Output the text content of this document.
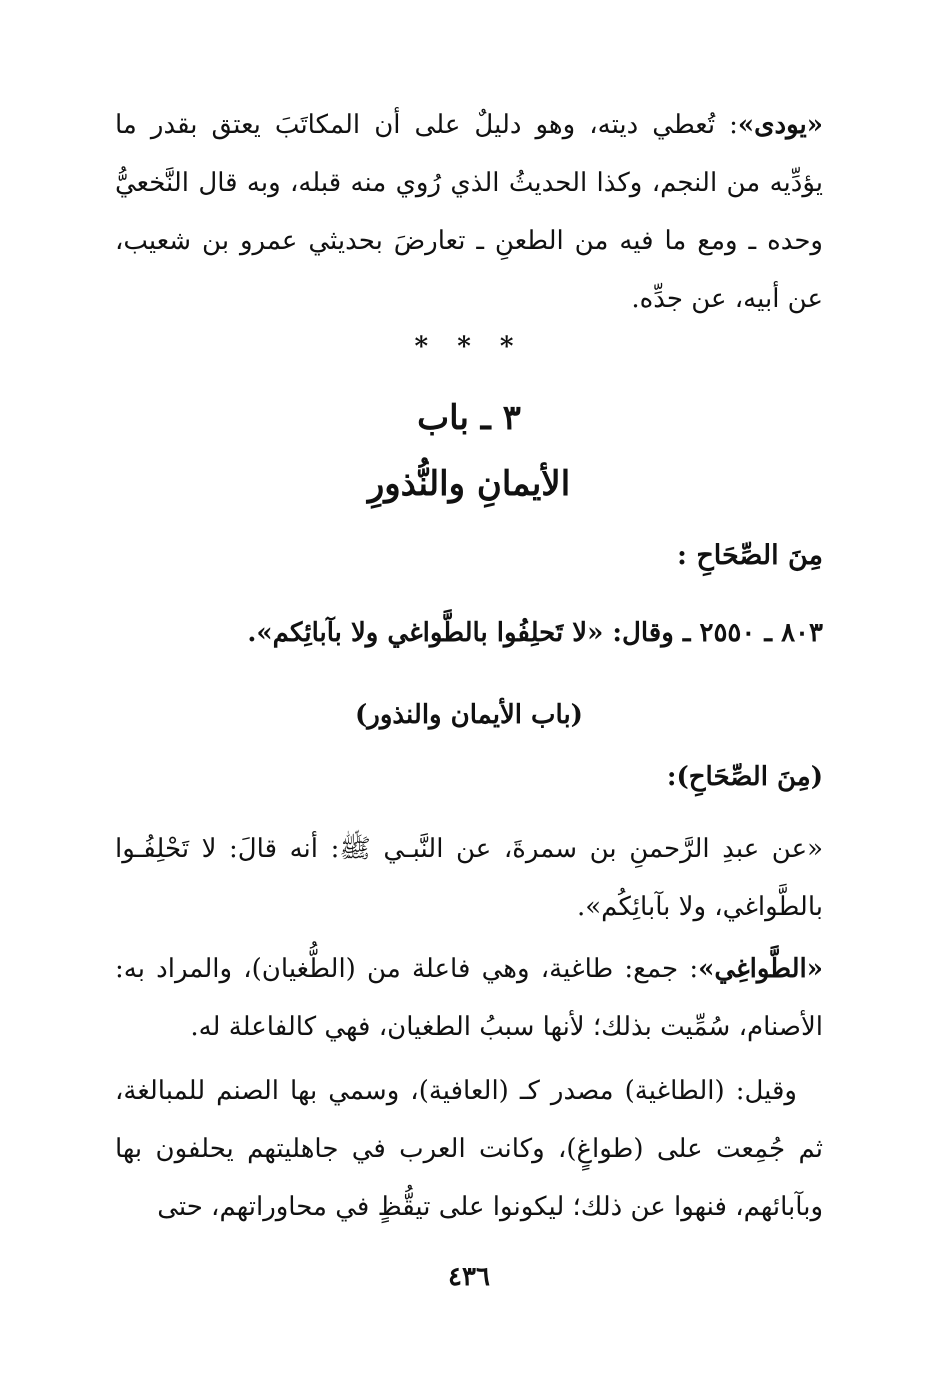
«يودى»: تُعطي ديته، وهو دليلٌ على أن المكاتَبَ يعتق بقدر ما يؤدِّيه من النجم، وكذا الحديثُ الذي رُوي منه قبله، وبه قال النَّخعيُّ وحده ـ ومع ما فيه من الطعنِ ـ تعارضَ بحديثي عمرو بن شعيب، عن أبيه، عن جدِّه.

* * *
٣ ـ باب
الأيمانِ والنُّذورِ
مِنَ الصِّحَاحِ :
٨٠٣ ـ ٢٥٥٠ ـ وقال: «لا تَحلِفُوا بالطَّواغي ولا بآبائِكم».
(باب الأيمان والنذور)
(مِنَ الصِّحَاحِ):

«عن عبدِ الرَّحمنِ بن سمرةَ، عن النَّبـي ﷺ: أنه قالَ: لا تَحْلِفُـوا بالطَّواغي، ولا بآبائِكُم».

«الطَّواغِي»: جمع: طاغية، وهي فاعلة من (الطُّغيان)، والمراد به: الأصنام، سُمِّيت بذلك؛ لأنها سببُ الطغيان، فهي كالفاعلة له.

وقيل: (الطاغية) مصدر كـ (العافية)، وسمي بها الصنم للمبالغة، ثم جُمِعت على (طواغٍ)، وكانت العرب في جاهليتهم يحلفون بها وبآبائهم، فنهوا عن ذلك؛ ليكونوا على تيقُّظٍ في محاوراتهم، حتى

٤٣٦
